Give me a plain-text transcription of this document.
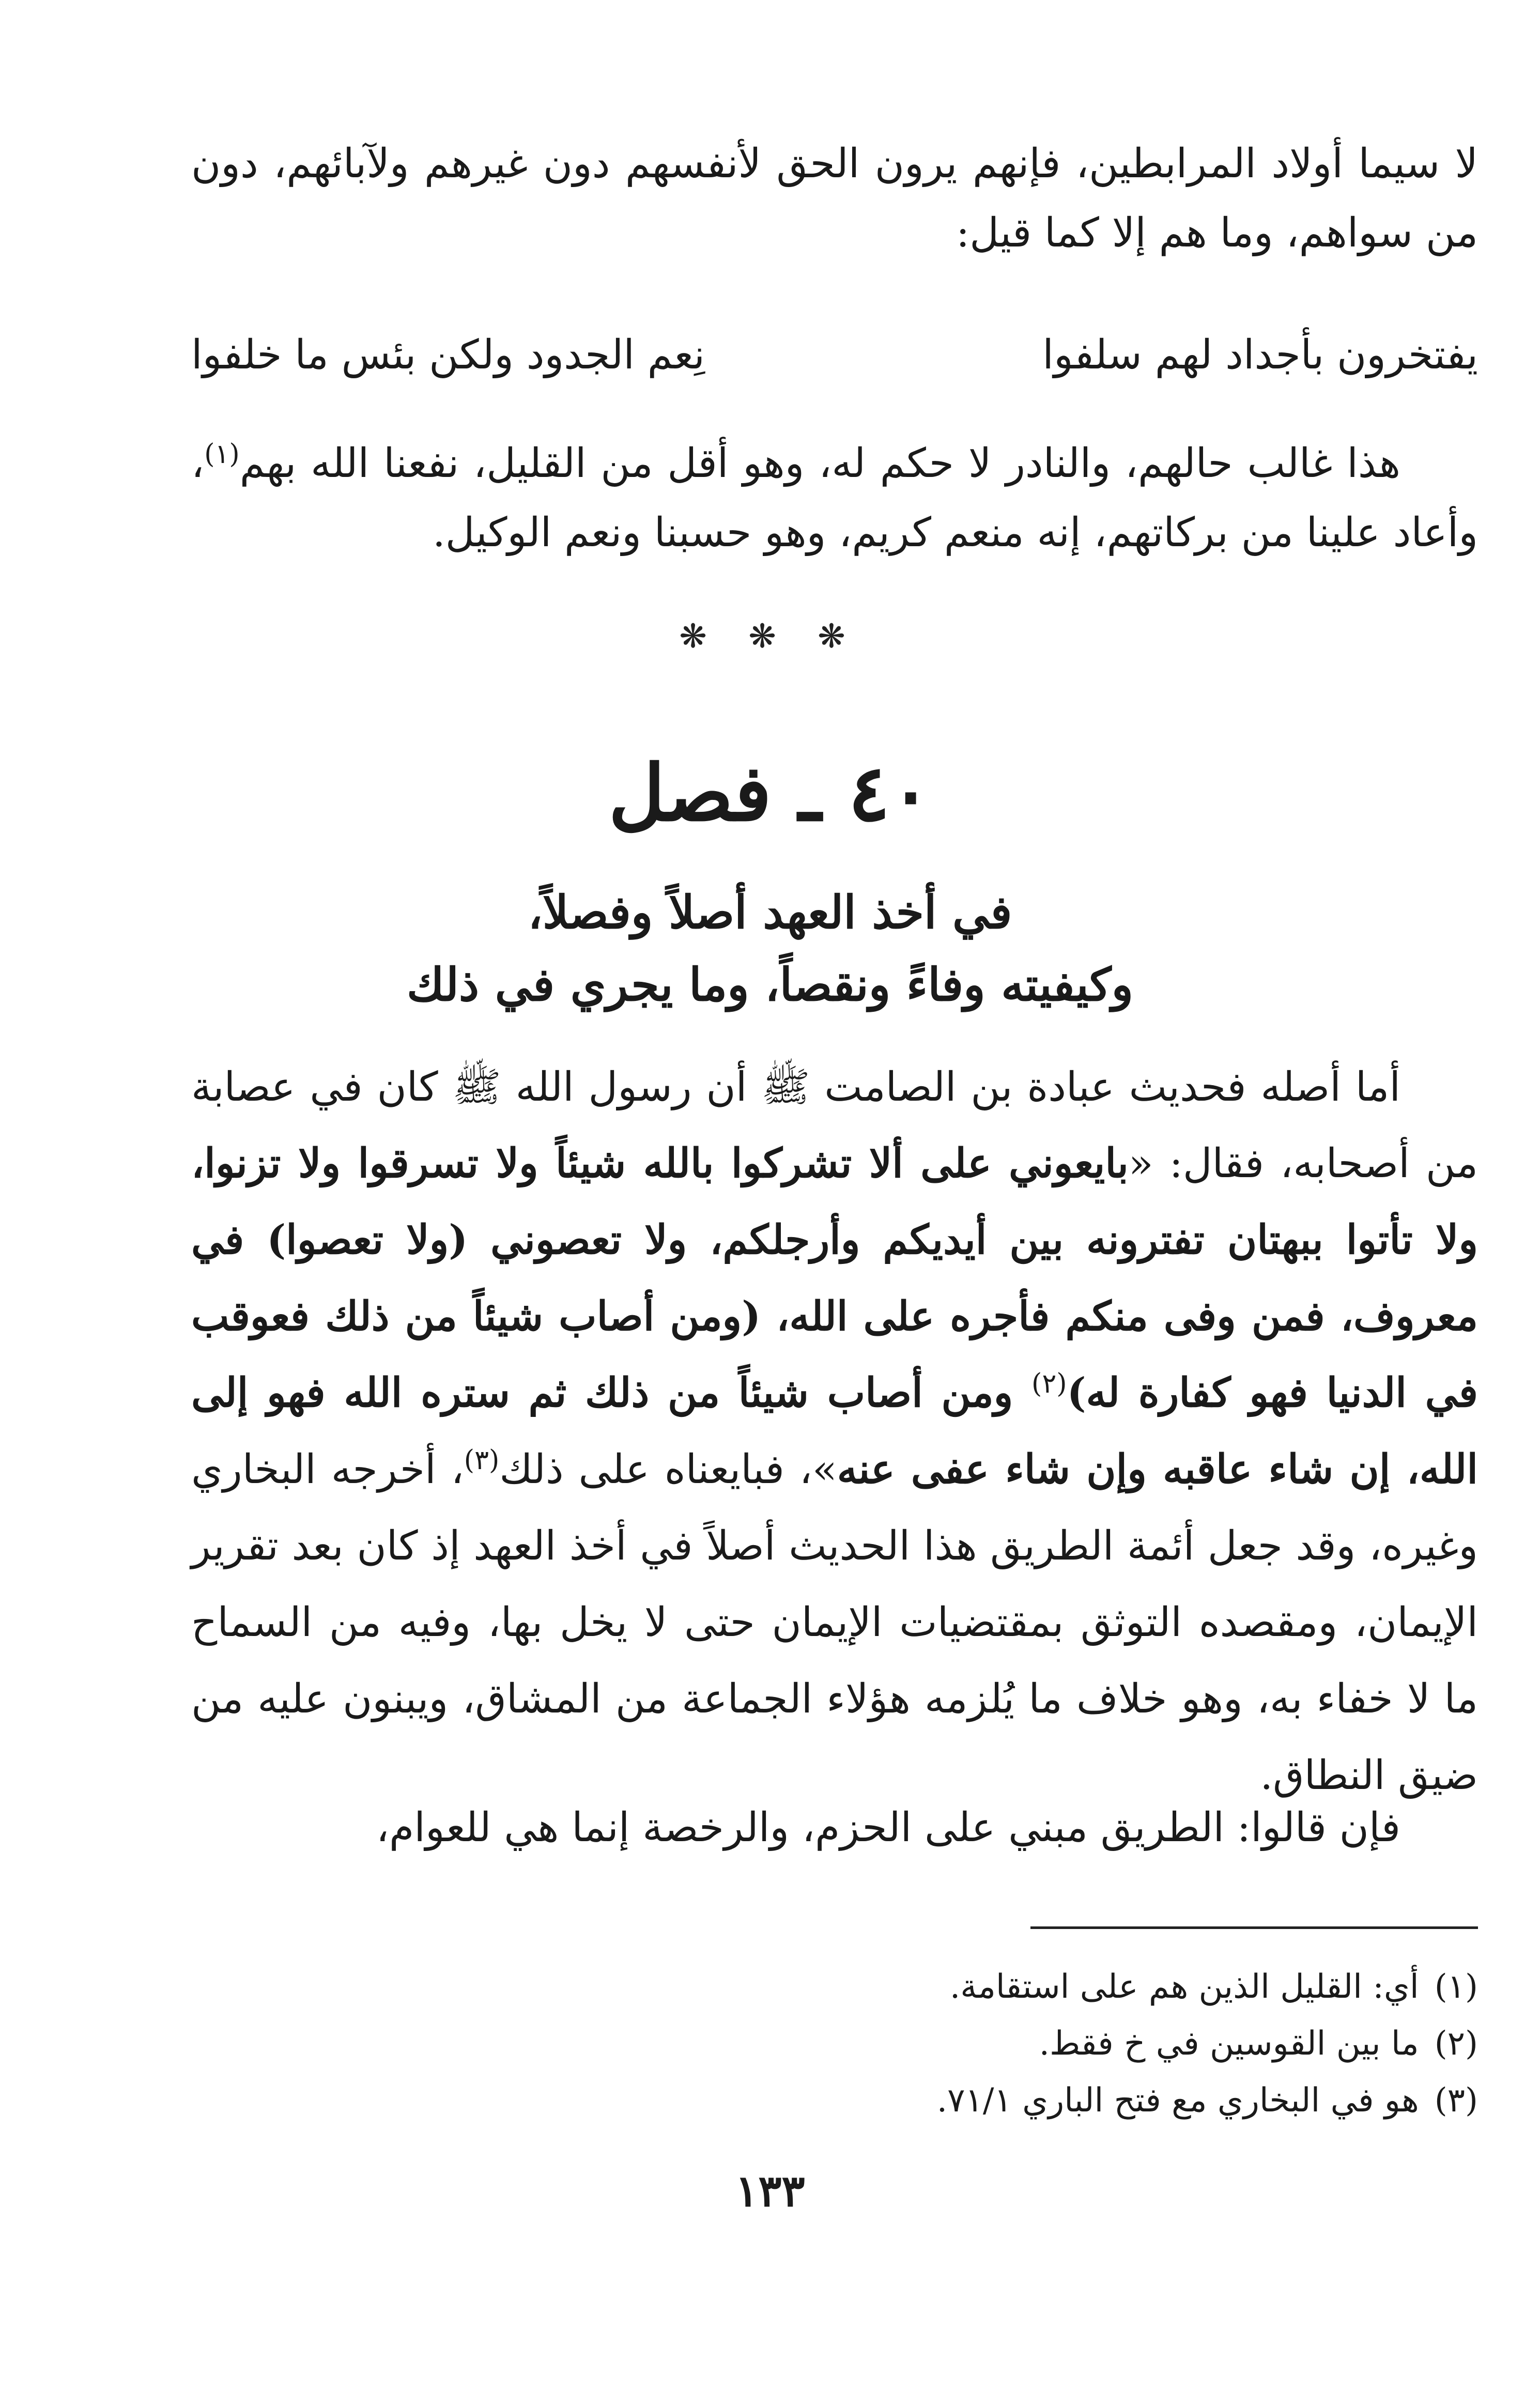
لا سيما أولاد المرابطين، فإنهم يرون الحق لأنفسهم دون غيرهم ولآبائهم، دون من سواهم، وما هم إلا كما قيل:

يفتخرون بأجداد لهم سلفوا
نِعم الجدود ولكن بئس ما خلفوا

هذا غالب حالهم، والنادر لا حكم له، وهو أقل من القليل، نفعنا الله بهم$^{(١)}$، وأعاد علينا من بركاتهم، إنه منعم كريم، وهو حسبنا ونعم الوكيل.

❋ ❋ ❋
٤٠ ـ فصل
في أخذ العهد أصلاً وفصلاً،
وكيفيته وفاءً ونقصاً، وما يجري في ذلك

أما أصله فحديث عبادة بن الصامت ﷺ أن رسول الله ﷺ كان في عصابة من أصحابه، فقال: «بايعوني على ألا تشركوا بالله شيئاً ولا تسرقوا ولا تزنوا، ولا تأتوا ببهتان تفترونه بين أيديكم وأرجلكم، ولا تعصوني (ولا تعصوا) في معروف، فمن وفى منكم فأجره على الله، (ومن أصاب شيئاً من ذلك فعوقب في الدنيا فهو كفارة له)$^{(٢)}$ ومن أصاب شيئاً من ذلك ثم ستره الله فهو إلى الله، إن شاء عاقبه وإن شاء عفى عنه»، فبايعناه على ذلك$^{(٣)}$، أخرجه البخاري وغيره، وقد جعل أئمة الطريق هذا الحديث أصلاً في أخذ العهد إذ كان بعد تقرير الإيمان، ومقصده التوثق بمقتضيات الإيمان حتى لا يخل بها، وفيه من السماح ما لا خفاء به، وهو خلاف ما يُلزمه هؤلاء الجماعة من المشاق، ويبنون عليه من ضيق النطاق.

فإن قالوا: الطريق مبني على الحزم، والرخصة إنما هي للعوام،

(١)أي: القليل الذين هم على استقامة.
(٢)ما بين القوسين في خ فقط.
(٣)هو في البخاري مع فتح الباري ٧١/١.
١٣٣
